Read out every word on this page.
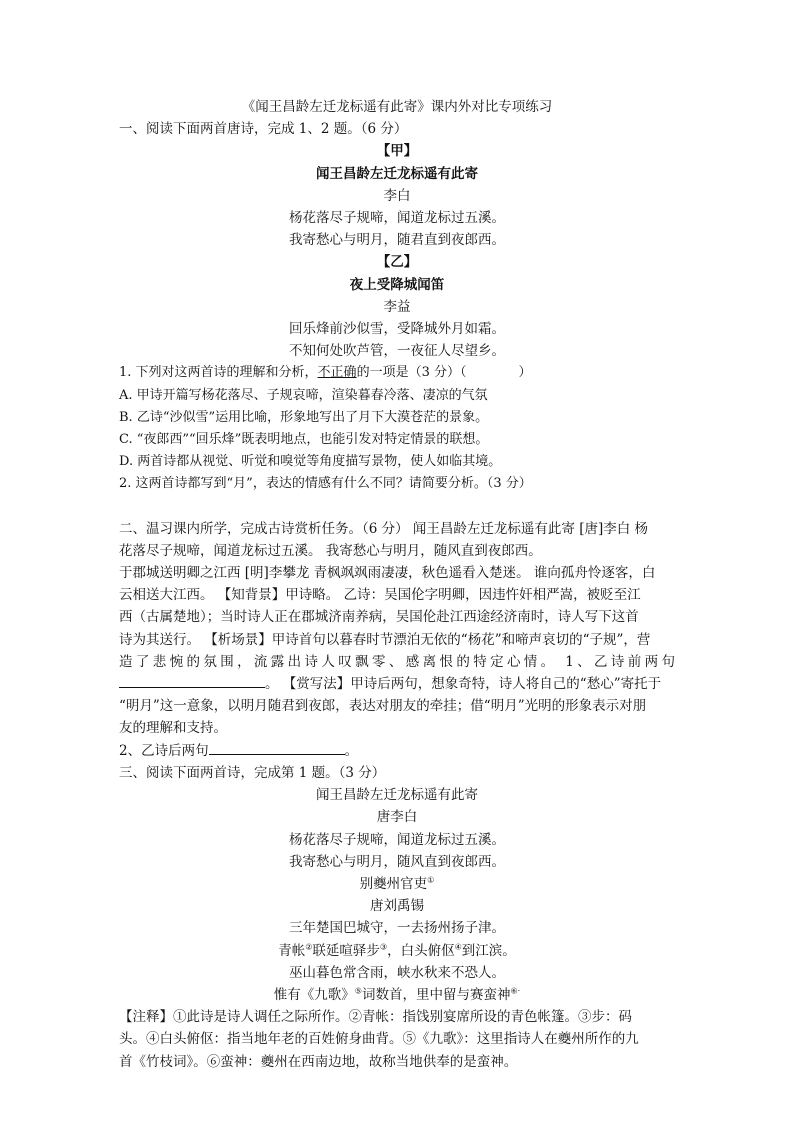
《闻王昌龄左迁龙标遥有此寄》课内外对比专项练习

一、阅读下面两首唐诗，完成 1、2 题。（6 分）

【甲】

闻王昌龄左迁龙标遥有此寄

李白

杨花落尽子规啼，闻道龙标过五溪。

我寄愁心与明月，随君直到夜郎西。

【乙】

夜上受降城闻笛

李益

回乐烽前沙似雪，受降城外月如霜。

不知何处吹芦管，一夜征人尽望乡。

1. 下列对这两首诗的理解和分析，不正确的一项是（3 分）（　　　　）

A. 甲诗开篇写杨花落尽、子规哀啼，渲染暮春冷落、凄凉的气氛

B. 乙诗“沙似雪”运用比喻，形象地写出了月下大漠苍茫的景象。

C. “夜郎西”“回乐烽”既表明地点，也能引发对特定情景的联想。

D. 两首诗都从视觉、听觉和嗅觉等角度描写景物，使人如临其境。

2. 这两首诗都写到“月”，表达的情感有什么不同？请简要分析。（3 分）

二、温习课内所学，完成古诗赏析任务。（6 分） 闻王昌龄左迁龙标遥有此寄 [唐]李白 杨

花落尽子规啼，闻道龙标过五溪。 我寄愁心与明月，随风直到夜郎西。

于郡城送明卿之江西 [明]李攀龙 青枫飒飒雨凄凄，秋色遥看入楚迷。 谁向孤舟怜逐客，白

云相送大江西。 【知背景】甲诗略。 乙诗：吴国伦字明卿，因违忤奸相严嵩，被贬至江

西（古属楚地）；当时诗人正在郡城济南养病，吴国伦赴江西途经济南时，诗人写下这首

诗为其送行。 【析场景】甲诗首句以暮春时节漂泊无依的“杨花”和啼声哀切的“子规”，营

造了悲惋的氛围，流露出诗人叹飘零、感离恨的特定心情。 1、乙诗前两句

。 【赏写法】甲诗后两句，想象奇特，诗人将自己的“愁心”寄托于

“明月”这一意象，以明月随君到夜郎，表达对朋友的牵挂；借“明月”光明的形象表示对朋

友的理解和支持。

2、乙诗后两句	。

三、阅读下面两首诗，完成第 1 题。（3 分）

闻王昌龄左迁龙标遥有此寄

唐李白

杨花落尽子规啼，闻道龙标过五溪。

我寄愁心与明月，随风直到夜郎西。

别夔州官吏①

唐刘禹锡

三年楚国巴城守，一去扬州扬子津。

青帐②联延喧驿步③，白头俯伛④到江滨。

巫山暮色常含雨，峡水秋来不恐人。

惟有《九歌》⑤词数首，里中留与赛蛮神⑥·

【注释】①此诗是诗人调任之际所作。②青帐：指饯别宴席所设的青色帐篷。③步：码

头。④白头俯伛：指当地年老的百姓俯身曲背。⑤《九歌》：这里指诗人在夔州所作的九

首《竹枝词》。⑥蛮神：夔州在西南边地，故称当地供奉的是蛮神。
